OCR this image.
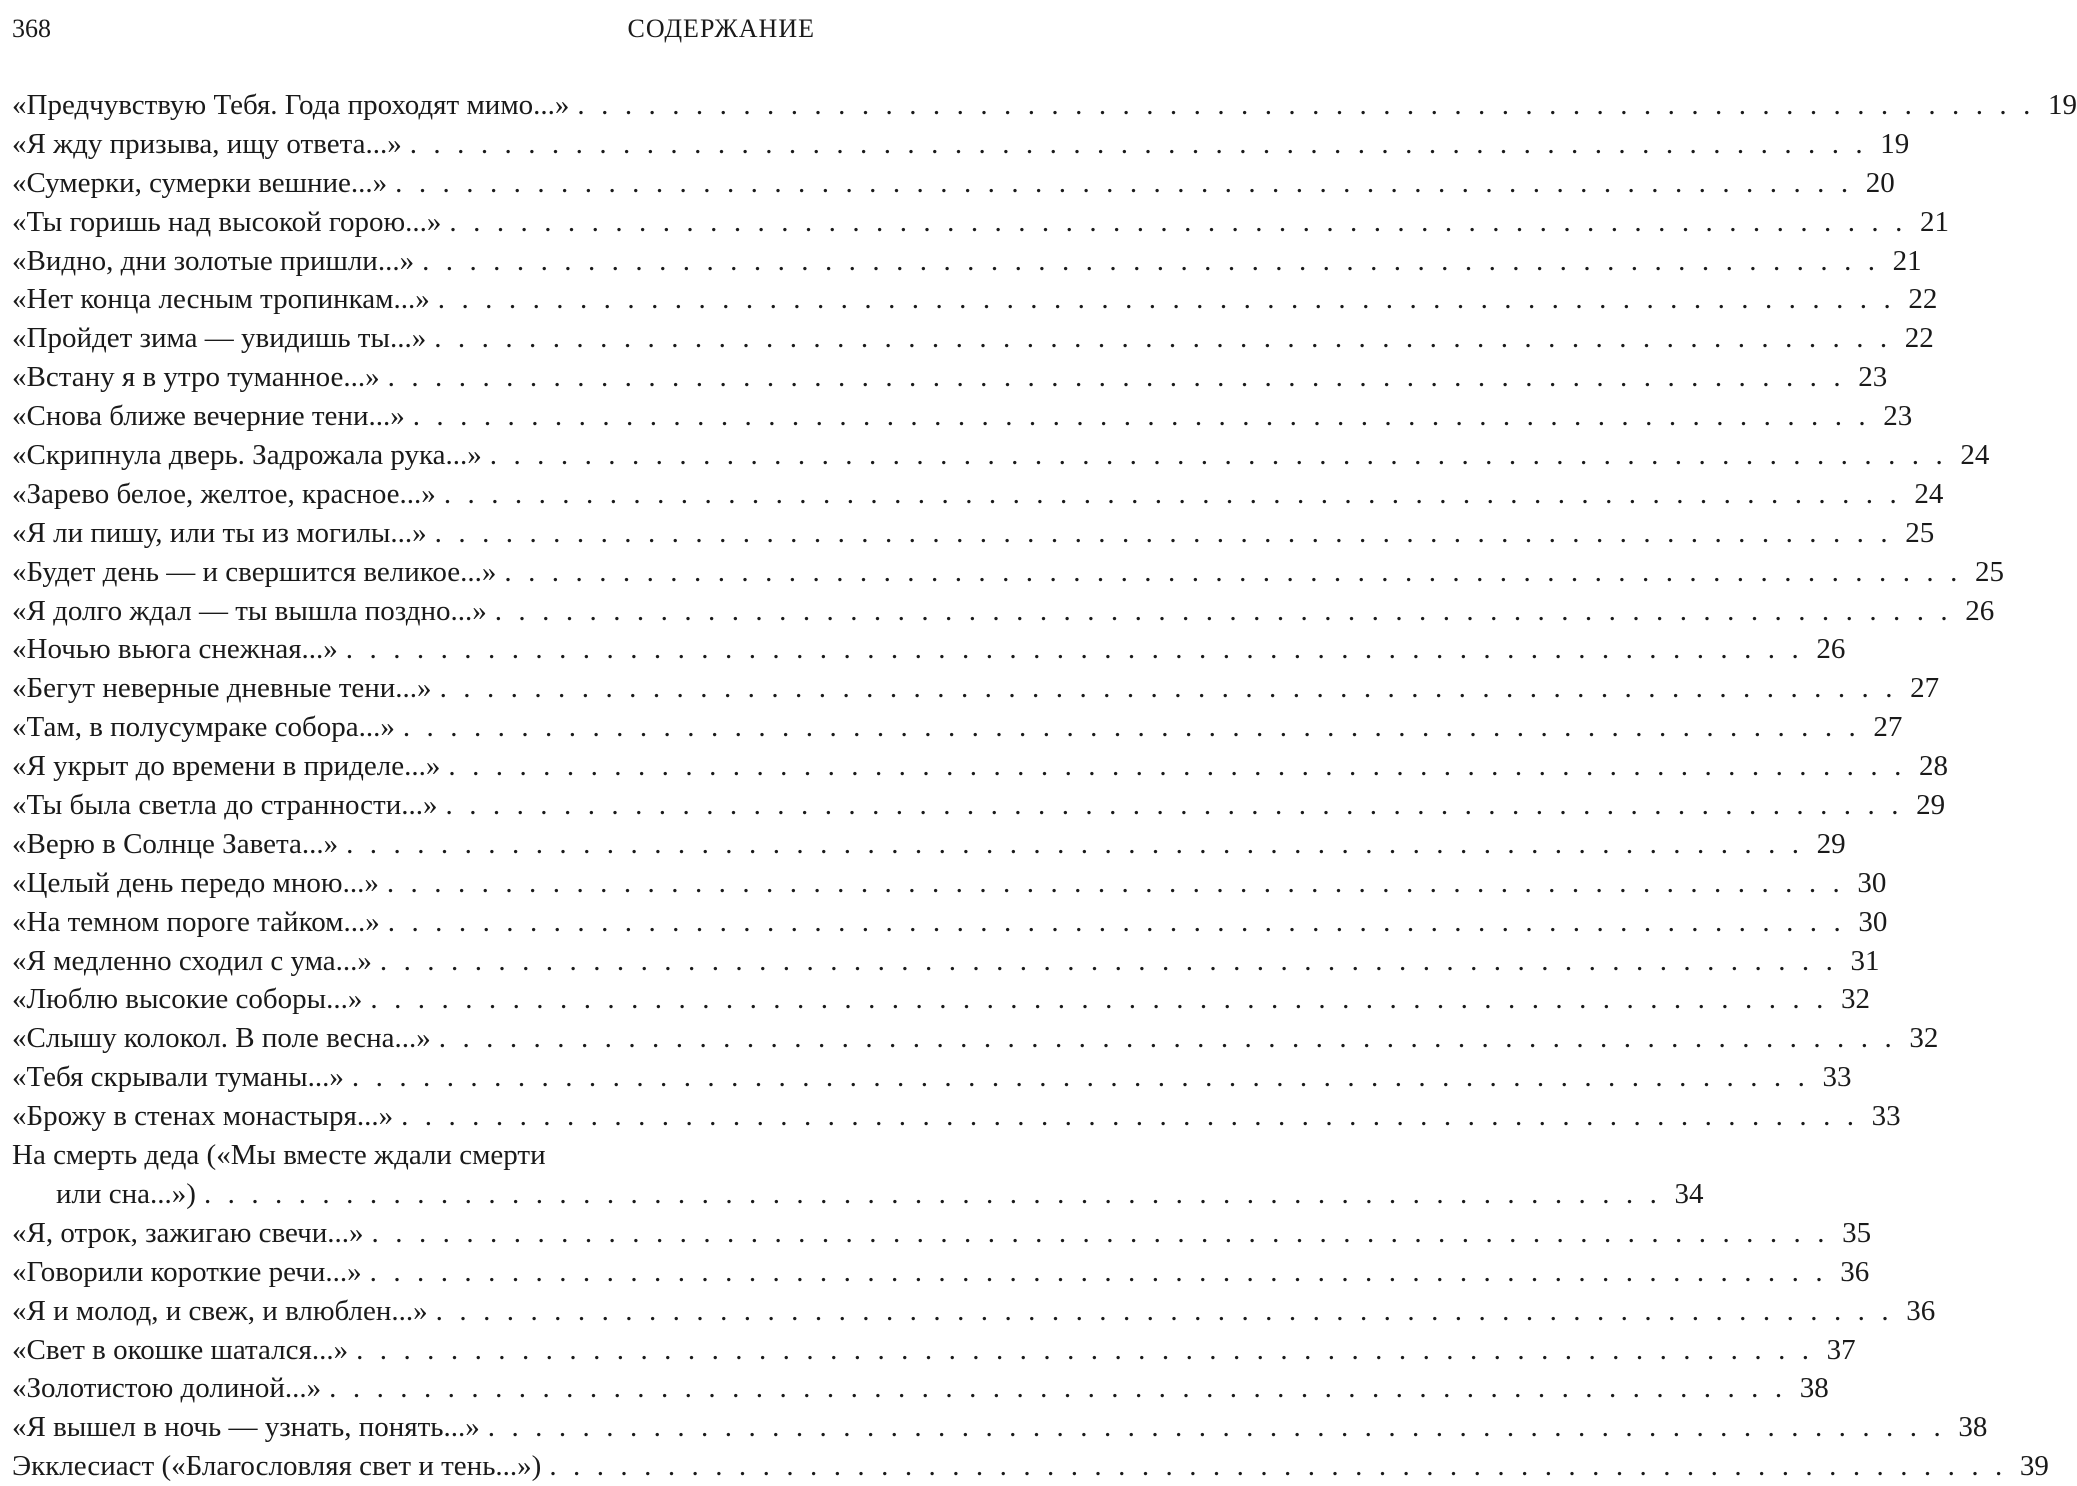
368	СОДЕРЖАНИЕ
«Предчувствую Тебя. Года проходят мимо...» . . . . . . . . . . . . . . . . . . . . . . . . . . . . . . . . . . . . . . . . . . . . . . . . . . . . . . . . . . . . . . 19
«Я жду призыва, ищу ответа...» . . . . . . . . . . . . . . . . . . . . . . . . . . . . . . . . . . . . . . . . . . . . . . . . . . . . . . . . . . . . . . 19
«Сумерки, сумерки вешние...» . . . . . . . . . . . . . . . . . . . . . . . . . . . . . . . . . . . . . . . . . . . . . . . . . . . . . . . . . . . . . . 20
«Ты горишь над высокой горою...» . . . . . . . . . . . . . . . . . . . . . . . . . . . . . . . . . . . . . . . . . . . . . . . . . . . . . . . . . . . . . . 21
«Видно, дни золотые пришли...» . . . . . . . . . . . . . . . . . . . . . . . . . . . . . . . . . . . . . . . . . . . . . . . . . . . . . . . . . . . . . . 21
«Нет конца лесным тропинкам...» . . . . . . . . . . . . . . . . . . . . . . . . . . . . . . . . . . . . . . . . . . . . . . . . . . . . . . . . . . . . . . 22
«Пройдет зима — увидишь ты...» . . . . . . . . . . . . . . . . . . . . . . . . . . . . . . . . . . . . . . . . . . . . . . . . . . . . . . . . . . . . . . 22
«Встану я в утро туманное...» . . . . . . . . . . . . . . . . . . . . . . . . . . . . . . . . . . . . . . . . . . . . . . . . . . . . . . . . . . . . . . 23
«Снова ближе вечерние тени...» . . . . . . . . . . . . . . . . . . . . . . . . . . . . . . . . . . . . . . . . . . . . . . . . . . . . . . . . . . . . . . 23
«Скрипнула дверь. Задрожала рука...» . . . . . . . . . . . . . . . . . . . . . . . . . . . . . . . . . . . . . . . . . . . . . . . . . . . . . . . . . . . . . . 24
«Зарево белое, желтое, красное...» . . . . . . . . . . . . . . . . . . . . . . . . . . . . . . . . . . . . . . . . . . . . . . . . . . . . . . . . . . . . . . 24
«Я ли пишу, или ты из могилы...» . . . . . . . . . . . . . . . . . . . . . . . . . . . . . . . . . . . . . . . . . . . . . . . . . . . . . . . . . . . . . . 25
«Будет день — и свершится великое...» . . . . . . . . . . . . . . . . . . . . . . . . . . . . . . . . . . . . . . . . . . . . . . . . . . . . . . . . . . . . . . 25
«Я долго ждал — ты вышла поздно...» . . . . . . . . . . . . . . . . . . . . . . . . . . . . . . . . . . . . . . . . . . . . . . . . . . . . . . . . . . . . . . 26
«Ночью вьюга снежная...» . . . . . . . . . . . . . . . . . . . . . . . . . . . . . . . . . . . . . . . . . . . . . . . . . . . . . . . . . . . . . . 26
«Бегут неверные дневные тени...» . . . . . . . . . . . . . . . . . . . . . . . . . . . . . . . . . . . . . . . . . . . . . . . . . . . . . . . . . . . . . . 27
«Там, в полусумраке собора...» . . . . . . . . . . . . . . . . . . . . . . . . . . . . . . . . . . . . . . . . . . . . . . . . . . . . . . . . . . . . . . 27
«Я укрыт до времени в приделе...» . . . . . . . . . . . . . . . . . . . . . . . . . . . . . . . . . . . . . . . . . . . . . . . . . . . . . . . . . . . . . . 28
«Ты была светла до странности...» . . . . . . . . . . . . . . . . . . . . . . . . . . . . . . . . . . . . . . . . . . . . . . . . . . . . . . . . . . . . . . 29
«Верю в Солнце Завета...» . . . . . . . . . . . . . . . . . . . . . . . . . . . . . . . . . . . . . . . . . . . . . . . . . . . . . . . . . . . . . . 29
«Целый день передо мною...» . . . . . . . . . . . . . . . . . . . . . . . . . . . . . . . . . . . . . . . . . . . . . . . . . . . . . . . . . . . . . . 30
«На темном пороге тайком...» . . . . . . . . . . . . . . . . . . . . . . . . . . . . . . . . . . . . . . . . . . . . . . . . . . . . . . . . . . . . . . 30
«Я медленно сходил с ума...» . . . . . . . . . . . . . . . . . . . . . . . . . . . . . . . . . . . . . . . . . . . . . . . . . . . . . . . . . . . . . . 31
«Люблю высокие соборы...» . . . . . . . . . . . . . . . . . . . . . . . . . . . . . . . . . . . . . . . . . . . . . . . . . . . . . . . . . . . . . . 32
«Слышу колокол. В поле весна...» . . . . . . . . . . . . . . . . . . . . . . . . . . . . . . . . . . . . . . . . . . . . . . . . . . . . . . . . . . . . . . 32
«Тебя скрывали туманы...» . . . . . . . . . . . . . . . . . . . . . . . . . . . . . . . . . . . . . . . . . . . . . . . . . . . . . . . . . . . . . . 33
«Брожу в стенах монастыря...» . . . . . . . . . . . . . . . . . . . . . . . . . . . . . . . . . . . . . . . . . . . . . . . . . . . . . . . . . . . . . . 33
На смерть деда («Мы вместе ждали смерти
или сна...») . . . . . . . . . . . . . . . . . . . . . . . . . . . . . . . . . . . . . . . . . . . . . . . . . . . . . . . . . . . . . . 34
«Я, отрок, зажигаю свечи...» . . . . . . . . . . . . . . . . . . . . . . . . . . . . . . . . . . . . . . . . . . . . . . . . . . . . . . . . . . . . . . 35
«Говорили короткие речи...» . . . . . . . . . . . . . . . . . . . . . . . . . . . . . . . . . . . . . . . . . . . . . . . . . . . . . . . . . . . . . . 36
«Я и молод, и свеж, и влюблен...» . . . . . . . . . . . . . . . . . . . . . . . . . . . . . . . . . . . . . . . . . . . . . . . . . . . . . . . . . . . . . . 36
«Свет в окошке шатался...» . . . . . . . . . . . . . . . . . . . . . . . . . . . . . . . . . . . . . . . . . . . . . . . . . . . . . . . . . . . . . . 37
«Золотистою долиной...» . . . . . . . . . . . . . . . . . . . . . . . . . . . . . . . . . . . . . . . . . . . . . . . . . . . . . . . . . . . . . . 38
«Я вышел в ночь — узнать, понять...» . . . . . . . . . . . . . . . . . . . . . . . . . . . . . . . . . . . . . . . . . . . . . . . . . . . . . . . . . . . . . . 38
Экклесиаст («Благословляя свет и тень...») . . . . . . . . . . . . . . . . . . . . . . . . . . . . . . . . . . . . . . . . . . . . . . . . . . . . . . . . . . . . . . 39
